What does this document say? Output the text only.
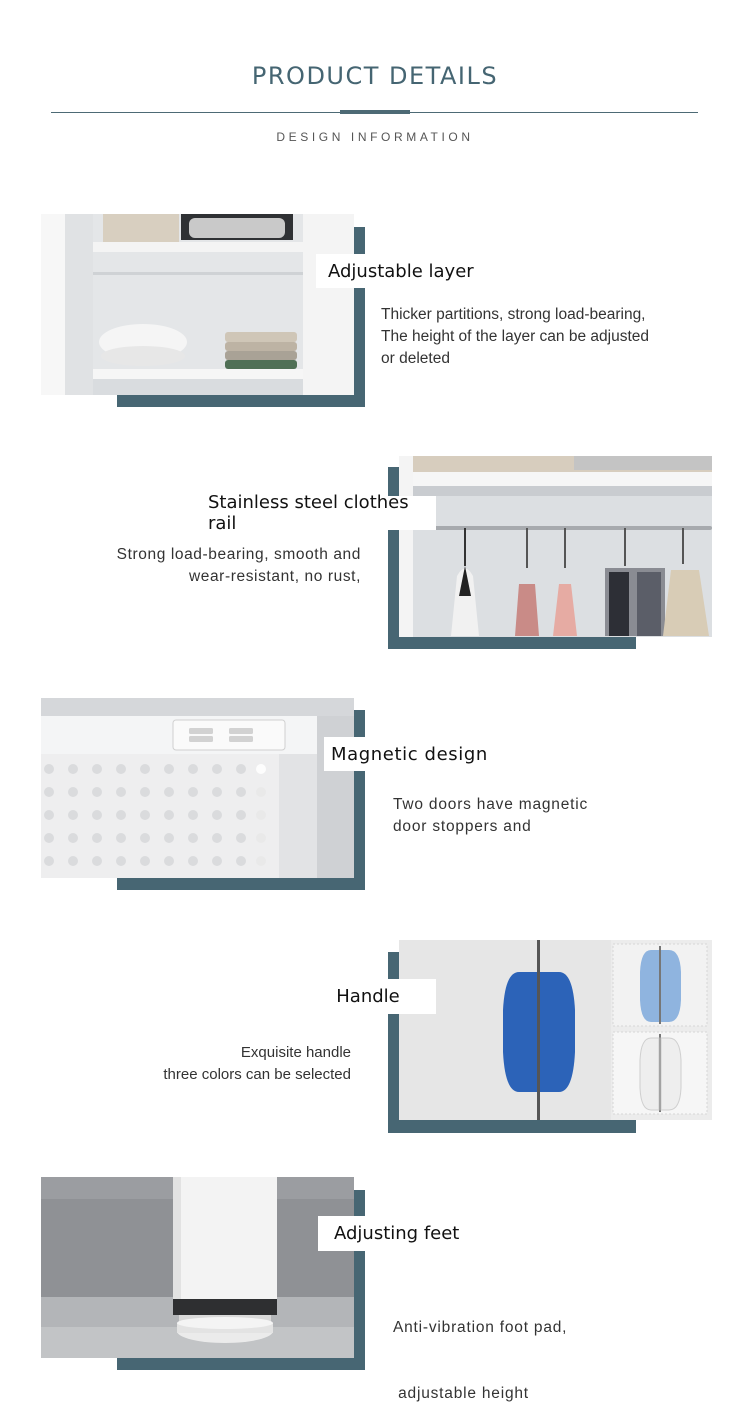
PRODUCT DETAILS
DESIGN INFORMATION
Adjustable layer
Thicker partitions, strong load-bearing,
The height of the layer can be adjusted
or deleted
Stainless steel clothes rail
Strong load-bearing, smooth and
wear-resistant, no rust,
Magnetic design
Two doors have magnetic
door stoppers and
Handle
Exquisite handle
three colors can be selected
Adjusting feet

Anti-vibration foot pad,

adjustable height
